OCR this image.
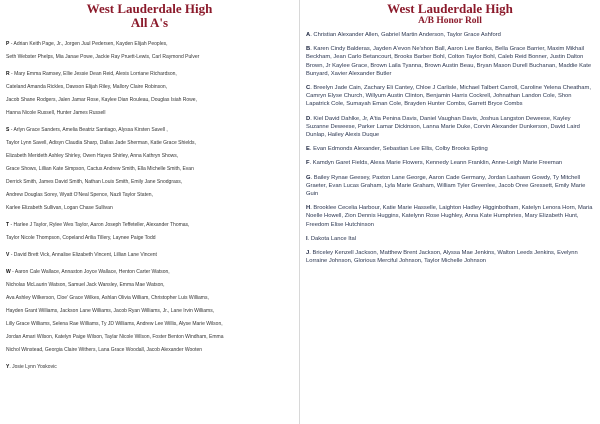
West Lauderdale High
All A's
P - Adrian Keith Page, Jr., Jorgen Juul Pedersen, Kayden Elijah Peoples,
Seth Webster Phelps, Mia Janae Powe, Jackie Ray Pruett-Lewis, Carl Raymond Pulver
R - Mary Emma Ramsey, Ellie Jessie Dean Reid, Alexis Lorriane Richardson,
Cateland Amanda Rickles, Dawson Elijah Riley, Mallory Claire Robinson,
Jacob Shane Rodgers, Jalen Jamar Rose, Kaylee Dian Rouleau, Douglas Isiah Rowe,
Hanna Nicole Russell, Hunter James Russell
S - Arlyn Grace Sanders, Amelia Beatriz Santiago, Alyssa Kirsten Savell ,
Taylor Lynn Savell, Adisyn Claudia Sharp, Dallas Jade Sherman, Katie Grace Shields,
Elizabeth Merideth Ashley Shirley, Owen Hayes Shirley, Anna Kathryn Shows,
Grace Shows, Lillian Kate Simpson, Cactus Andrew Smith, Ella Michelle Smith, Evan
Derrick Smith, James David Smith, Nathan Louis Smith, Emily Jane Snodgrass,
Andrew Douglas Sorey, Wyatt O'Neal Spence, Nazli Taylor Staten,
Karlee Elizabeth Sullivan, Logan Chase Sullivan
T - Harlee J Taylor, Rylee Wes Taylor, Aaron Joseph Teffeteller, Alexander Thomas,
Taylor Nicole Thompson, Copeland Arilia Tillery, Laynee Paige Todd
V - David Brett Vick, Annalise Elizabeth Vincent, Lillian Lane Vincent
W - Aaron Cale Wallace, Annaston Joyce Wallace, Henton Carter Watson,
Nicholas McLaurin Watson, Samuel Jack Wansley, Emma Mae Watson,
Ava Ashley Wilkerson, Cloe' Grace Wilkes, Ashlan Olivia William, Christopher Luis Williams,
Hayden Grant Williams, Jackson Lane Williams, Jacob Ryan Williams, Jr., Lane Irvin Williams,
Lilly Grace Williams, Selena Rae Williams, Ty JD Williams, Andrew Lee Willis, Alyse Marie Wilson,
Jordan Amari Wilson, Katelyn Paige Wilson, Taylar Nicole Wilson, Foster Benton Windham, Emma
Nichol Winstead, Georgia Claire Withers, Lana Grace Woodall, Jacob Alexander Wooten
Y. Josie Lynn Yoskovic
West Lauderdale High
A/B Honor Roll
A. Christian Alexander Allen, Gabriel Martin Anderson, Taylor Grace Ashford
B. Karen Cindy Balderas, Jayden A'evon Ne'shon Ball, Aaron Lee Banks, Bella Grace Barrier, Maxim Mikhail Beckham, Jean Carlo Betancourt, Brooks Barber Bohl, Colton Taylor Bohl, Caleb Reid Bonner, Justin Dalton Brown, Jr Kaylee Grace, Brown Laila Tyanna, Brown Austin Beau, Bryan Mason Durell Buchanan, Maddie Kate Bunyard, Xavier Alexander Butler
C. Breelyn Jade Cain, Zachary Eli Cantey, Chloe J Carlisle, Michael Talbert Carroll, Caroline Yelena Cheatham, Camryn Elyse Church, Willyum Austin Clinton, Benjamin Harris Cockrell, Johnathan Landon Cole, Shon Lapatrick Cole, Sumayah Eman Cole, Brayden Hunter Combs, Garrett Bryce Combs
D. Kiel David Dahlke, Jr, A'tia Penina Davis, Daniel Vaughan Davis, Joshua Langston Deweese, Kayley Suzanne Deweese, Parker Lamar Dickinson, Lanna Marie Duke, Corvin Alexander Dunkerson, David Laird Dunlap, Hailey Alexis Duque
E. Evan Edmonds Alexander, Sebastian Lee Ellis, Colby Brooks Epting
F. Kamdyn Garet Fields, Alexa Marie Flowers, Kennedy Leann Franklin, Anne-Leigh Marie Freeman
G. Bailey Rynae Geesey, Paxton Lane George, Aaron Cade Germany, Jordan Lashawn Gowdy, Ty Mitchell Graeter, Evan Lucas Graham, Lyla Marie Graham, William Tyler Greenlee, Jacob Oree Gressett, Emily Marie Guin
H. Brooklee Cecelia Harbour, Katie Marie Hasselle, Laighton Hadley Higginbotham, Katelyn Lenora Horn, Maria Noelle Howell, Zion Dennis Huggins, Katelynn Rose Hughley, Anna Kate Humphries, Mary Elizabeth Hunt, Freedom Elise Hutchinson
I. Dakota Lance Ital
J. Briceley Kenzell Jackson, Matthew Brent Jackson, Alyssa Mae Jenkins, Walton Leeds Jenkins, Evelynn Lorraine Johnson, Glorious Merciful Johnson, Taylor Michelle Johnson
